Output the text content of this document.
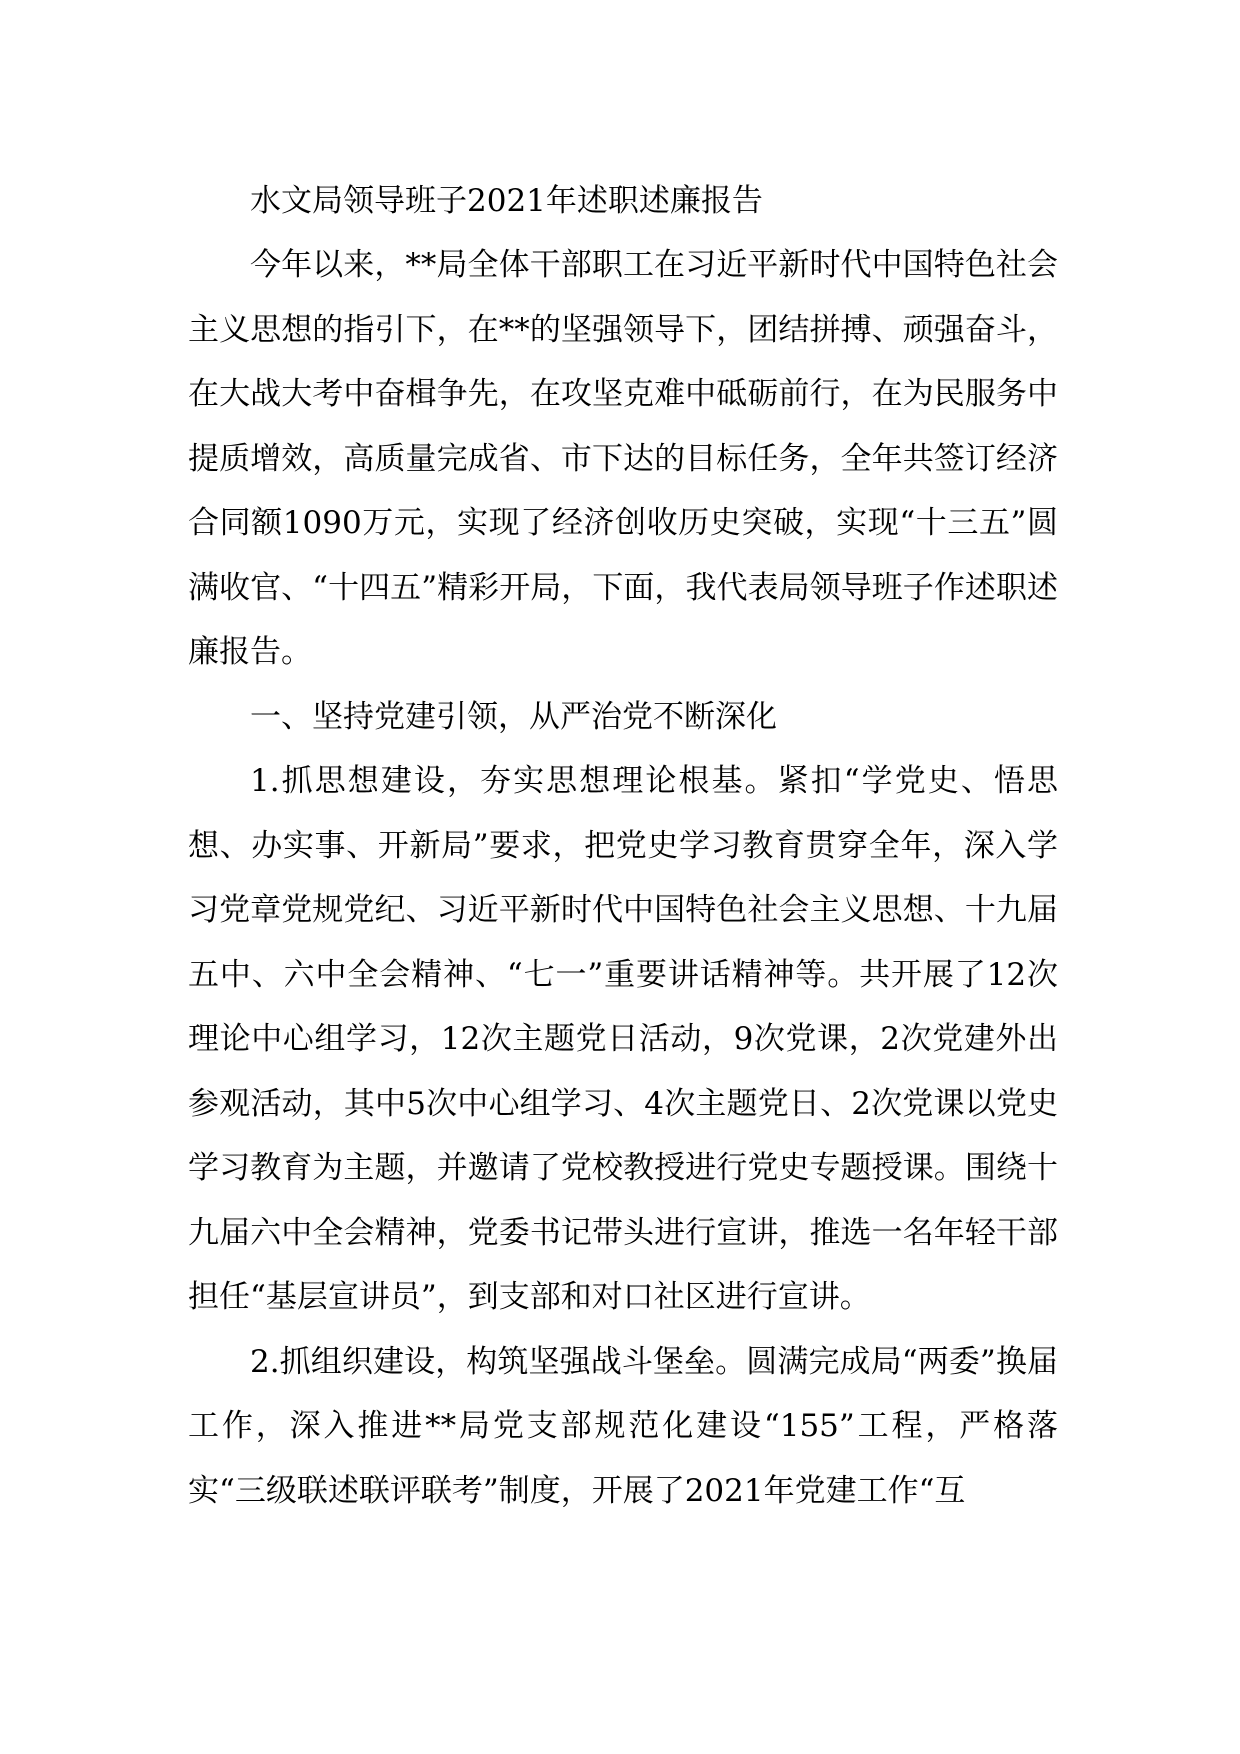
水文局领导班子2021年述职述廉报告

今年以来，**局全体干部职工在习近平新时代中国特色社会主义思想的指引下，在**的坚强领导下，团结拼搏、顽强奋斗，在大战大考中奋楫争先，在攻坚克难中砥砺前行，在为民服务中提质增效，高质量完成省、市下达的目标任务，全年共签订经济合同额1090万元，实现了经济创收历史突破，实现“十三五”圆满收官、“十四五”精彩开局，下面，我代表局领导班子作述职述廉报告。

一、坚持党建引领，从严治党不断深化

1.抓思想建设，夯实思想理论根基。紧扣“学党史、悟思想、办实事、开新局”要求，把党史学习教育贯穿全年，深入学习党章党规党纪、习近平新时代中国特色社会主义思想、十九届五中、六中全会精神、“七一”重要讲话精神等。共开展了12次理论中心组学习，12次主题党日活动，9次党课，2次党建外出参观活动，其中5次中心组学习、4次主题党日、2次党课以党史学习教育为主题，并邀请了党校教授进行党史专题授课。围绕十九届六中全会精神，党委书记带头进行宣讲，推选一名年轻干部担任“基层宣讲员”，到支部和对口社区进行宣讲。

2.抓组织建设，构筑坚强战斗堡垒。圆满完成局“两委”换届工作，深入推进**局党支部规范化建设“155”工程，严格落实“三级联述联评联考”制度，开展了2021年党建工作“互
